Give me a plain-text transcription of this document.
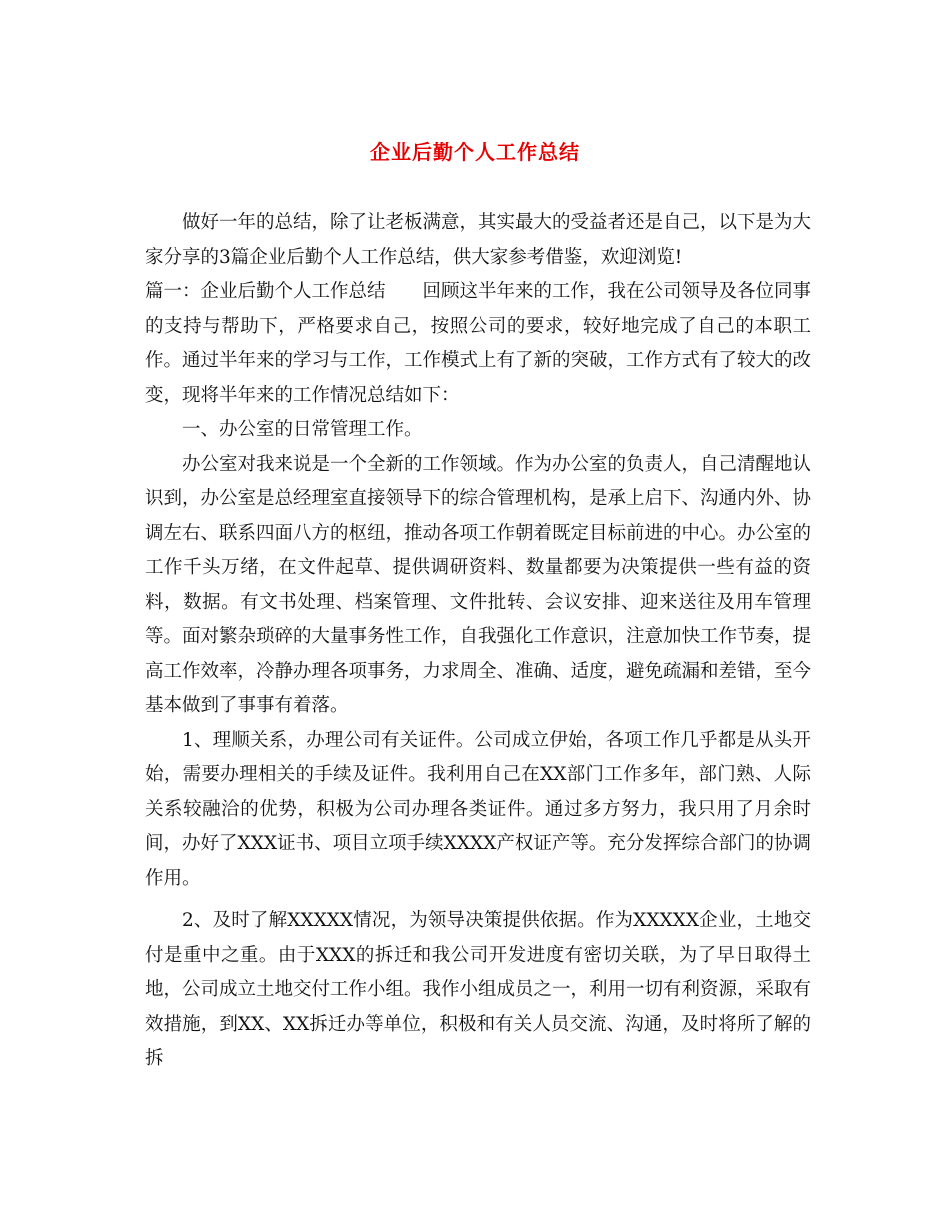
企业后勤个人工作总结

做好一年的总结，除了让老板满意，其实最大的受益者还是自己，以下是为大家分享的3篇企业后勤个人工作总结，供大家参考借鉴，欢迎浏览!

篇一：企业后勤个人工作总结　　回顾这半年来的工作，我在公司领导及各位同事的支持与帮助下，严格要求自己，按照公司的要求，较好地完成了自己的本职工作。通过半年来的学习与工作，工作模式上有了新的突破，工作方式有了较大的改变，现将半年来的工作情况总结如下：

一、办公室的日常管理工作。

办公室对我来说是一个全新的工作领域。作为办公室的负责人，自己清醒地认识到，办公室是总经理室直接领导下的综合管理机构，是承上启下、沟通内外、协调左右、联系四面八方的枢纽，推动各项工作朝着既定目标前进的中心。办公室的工作千头万绪，在文件起草、提供调研资料、数量都要为决策提供一些有益的资料，数据。有文书处理、档案管理、文件批转、会议安排、迎来送往及用车管理等。面对繁杂琐碎的大量事务性工作，自我强化工作意识，注意加快工作节奏，提高工作效率，冷静办理各项事务，力求周全、准确、适度，避免疏漏和差错，至今基本做到了事事有着落。

1、理顺关系，办理公司有关证件。公司成立伊始，各项工作几乎都是从头开始，需要办理相关的手续及证件。我利用自己在XX部门工作多年，部门熟、人际关系较融洽的优势，积极为公司办理各类证件。通过多方努力，我只用了月余时间，办好了XXX证书、项目立项手续XXXX产权证产等。充分发挥综合部门的协调作用。

2、及时了解XXXXX情况，为领导决策提供依据。作为XXXXX企业，土地交付是重中之重。由于XXX的拆迁和我公司开发进度有密切关联，为了早日取得土地，公司成立土地交付工作小组。我作小组成员之一，利用一切有利资源，采取有效措施，到XX、XX拆迁办等单位，积极和有关人员交流、沟通，及时将所了解的拆
